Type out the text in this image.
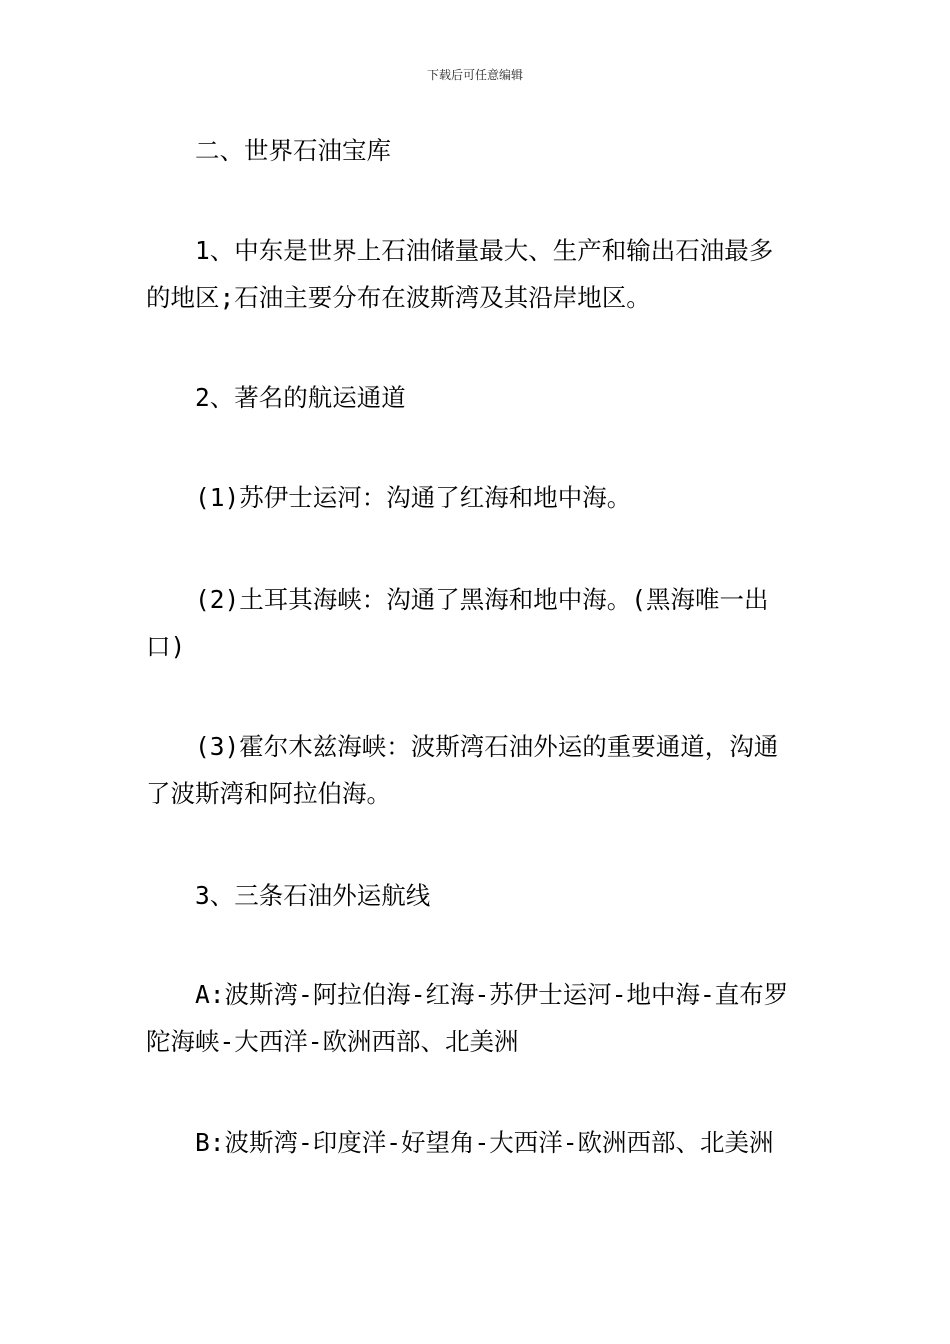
下载后可任意编辑
二、世界石油宝库
1、中东是世界上石油储量最大、生产和输出石油最多
的地区;石油主要分布在波斯湾及其沿岸地区。
2、著名的航运通道
(1)苏伊士运河：沟通了红海和地中海。
(2)土耳其海峡：沟通了黑海和地中海。(黑海唯一出
口)
(3)霍尔木兹海峡：波斯湾石油外运的重要通道，沟通
了波斯湾和阿拉伯海。
3、三条石油外运航线
A:波斯湾-阿拉伯海-红海-苏伊士运河-地中海-直布罗
陀海峡-大西洋-欧洲西部、北美洲
B:波斯湾-印度洋-好望角-大西洋-欧洲西部、北美洲
